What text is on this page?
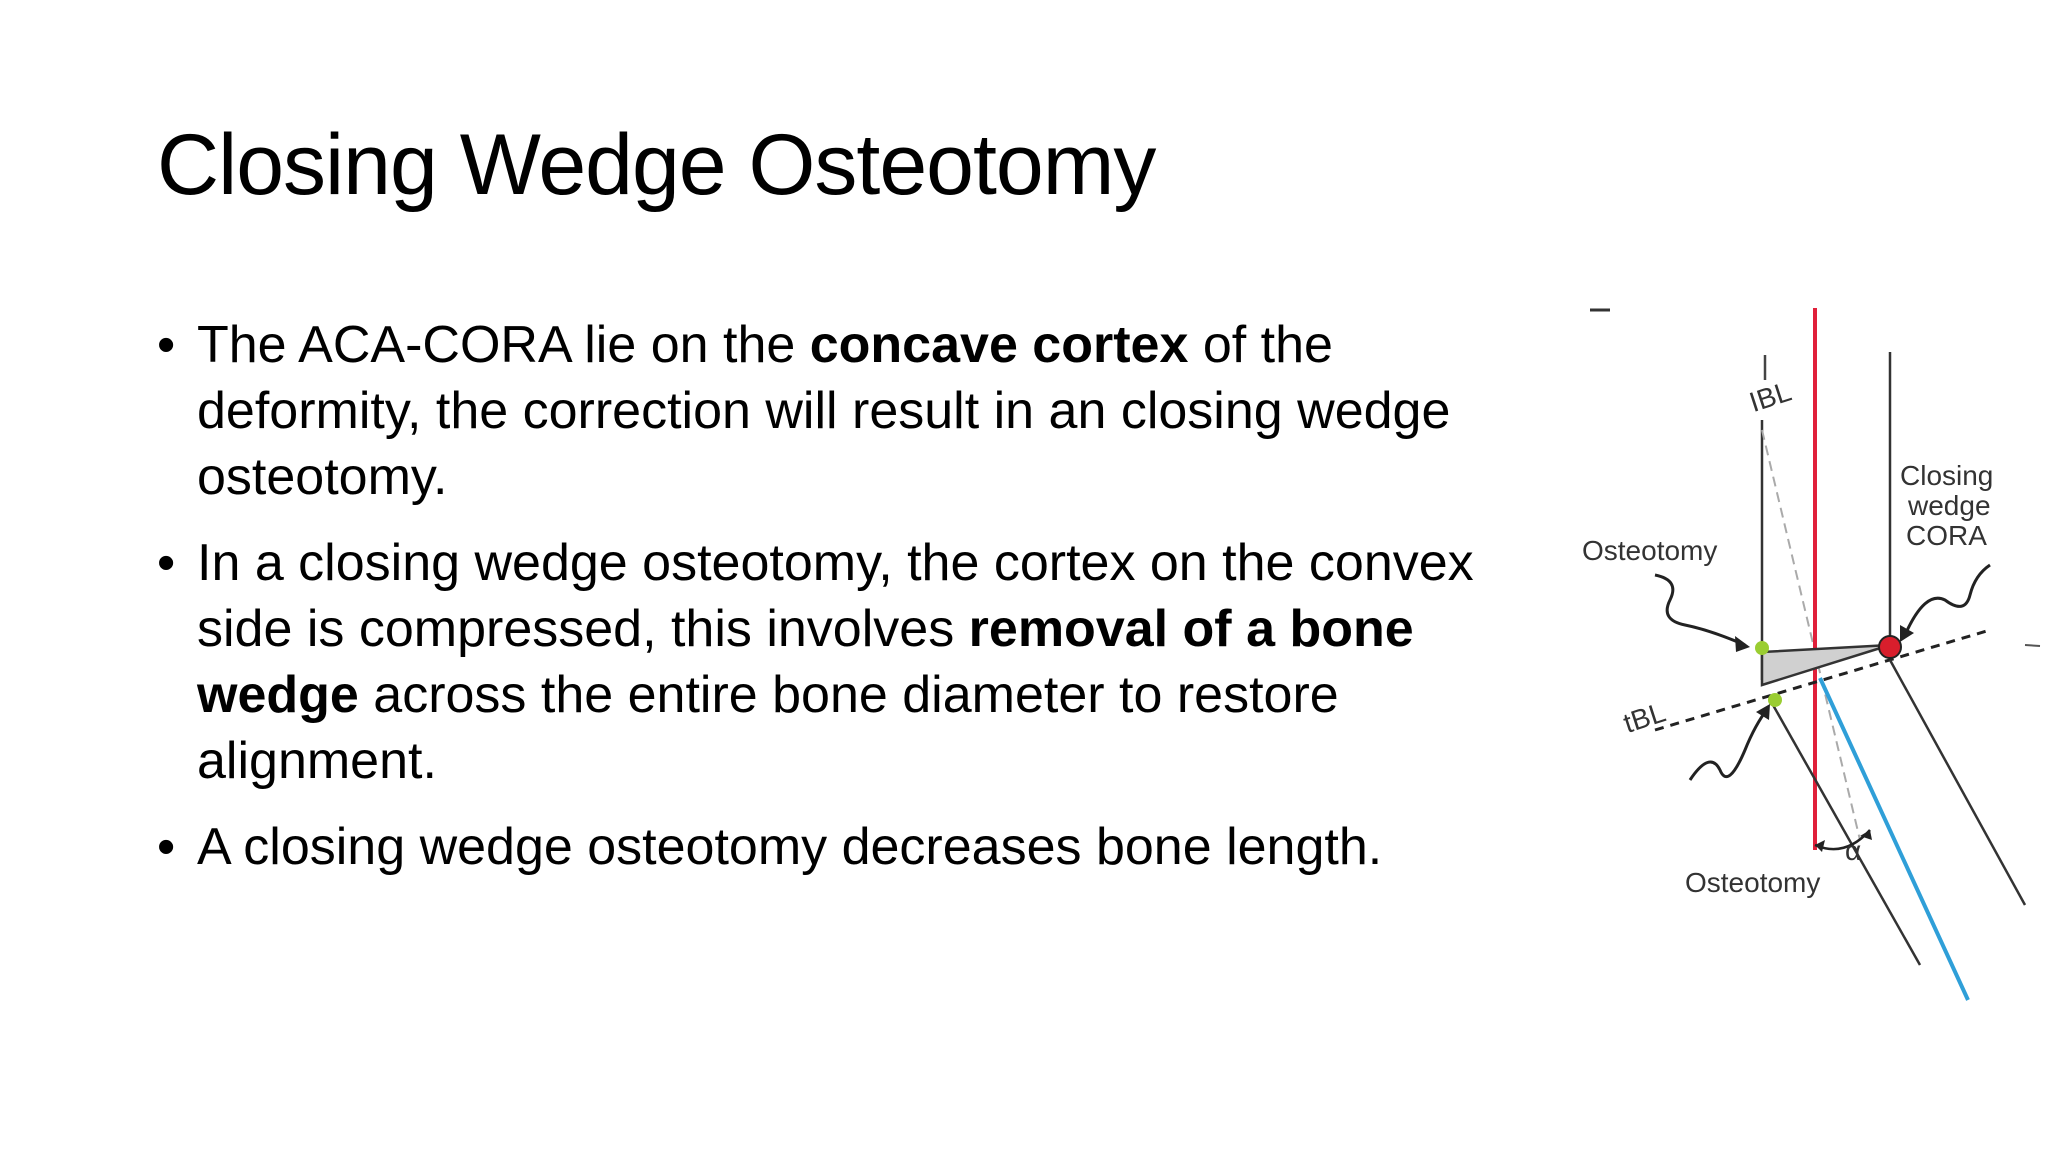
Closing Wedge Osteotomy
• The ACA-CORA lie on the concave cortex of the deformity, the correction will result in an closing wedge osteotomy.
• In a closing wedge osteotomy, the cortex on the convex side is compressed, this involves removal of a bone wedge across the entire bone diameter to restore alignment.
• A closing wedge osteotomy decreases bone length.
IBL
Osteotomy
tBL
Osteotomy
α
Closing
wedge
CORA
